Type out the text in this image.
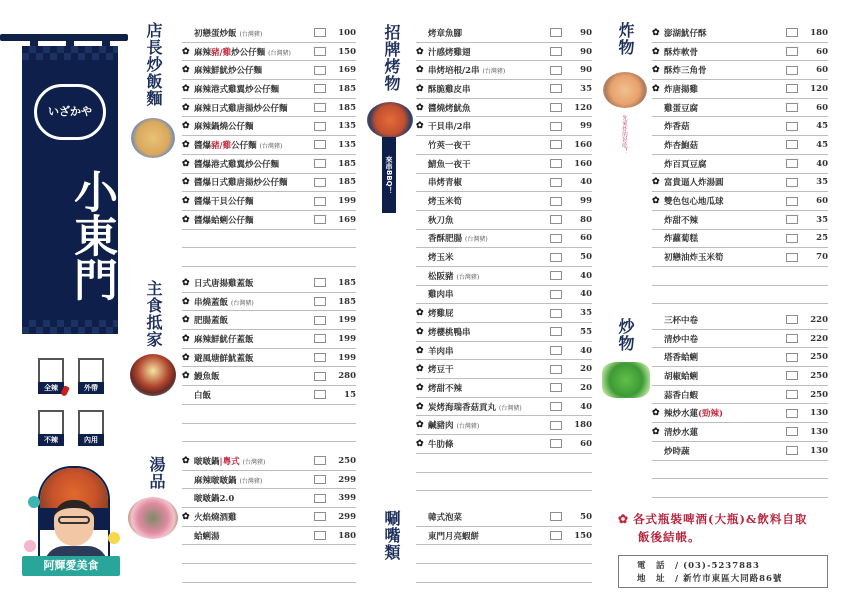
いざかや
小東門
全辣	外帶
不辣	內用
阿輝愛美食
店長炒飯麵
主食抵家
湯品
招牌烤物
來串BBQ！
唰嘴類
炸物
先來炸的好吃！
炒物
初戀蛋炒飯 (台灣豬)	100
✿ 麻辣豬/雞炒公仔麵 (台灣豬)	150
✿ 麻辣鮮魷炒公仔麵	169
✿ 麻辣港式雞翼炒公仔麵	185
✿ 麻辣日式雞唐揚炒公仔麵	185
✿ 麻辣鍋燒公仔麵	135
✿ 醬爆豬/雞公仔麵 (台灣豬)	135
✿ 醬爆港式雞翼炒公仔麵	185
✿ 醬爆日式雞唐揚炒公仔麵	185
✿ 醬爆干貝公仔麵	199
✿ 醬爆蛤蜊公仔麵	169
✿ 日式唐揚雞蓋飯	185
✿ 串燒蓋飯 (台灣豬)	185
✿ 肥腸蓋飯	199
✿ 麻辣鮮魷仔蓋飯	199
✿ 避風塘鮮魷蓋飯	199
✿ 鰻魚飯	280
白飯	15
✿ 啵啵鍋|粵式 (台灣豬)	250
麻辣啵啵鍋 (台灣豬)	299
啵啵鍋2.0	399
✿ 火焰燒酒雞	299
蛤蜊湯	180
烤章魚腳	90
✿ 汁感烤雞翅	90
✿ 串烤培根/2串 (台灣豬)	90
✿ 酥脆雞皮串	35
✿ 醬燒烤魷魚	120
✿ 干貝串/2串	99
竹莢一夜干	160
鯖魚一夜干	160
串烤青椒	40
烤玉米筍	99
秋刀魚	80
香酥肥腸 (台灣豬)	60
烤玉米	50
松阪豬 (台灣豬)	40
雞肉串	40
✿ 烤雞屁	35
✿ 烤櫻桃鴨串	55
✿ 羊肉串	40
✿ 烤豆干	20
✿ 烤甜不辣	20
✿ 炭烤海瑞香菇貢丸 (台灣豬)	40
✿ 鹹豬肉 (台灣豬)	180
✿ 牛肋條	60
韓式泡菜	50
東門月亮蝦餅	150
✿ 澎湖魷仔酥	180
✿ 酥炸軟骨	60
✿ 酥炸三角骨	60
✿ 炸唐揚雞	120
雞蛋豆腐	60
炸香菇	45
炸杏鮑菇	45
炸百頁豆腐	40
✿ 富貴逼人炸湯圓	35
✿ 雙色包心地瓜球	60
炸甜不辣	35
炸蘿蔔糕	25
初戀油炸玉米筍	70
三杯中卷	220
清炒中卷	220
塔香蛤蜊	250
胡椒蛤蜊	250
蒜香白蝦	250
✿ 辣炒水蓮(勁辣)	130
✿ 清炒水蓮	130
炒時蔬	130
✿ 各式瓶裝啤酒(大瓶)&飲料自取
飯後結帳。
電　話　/ (03)-5237883
地　址　/ 新竹市東區大同路86號
